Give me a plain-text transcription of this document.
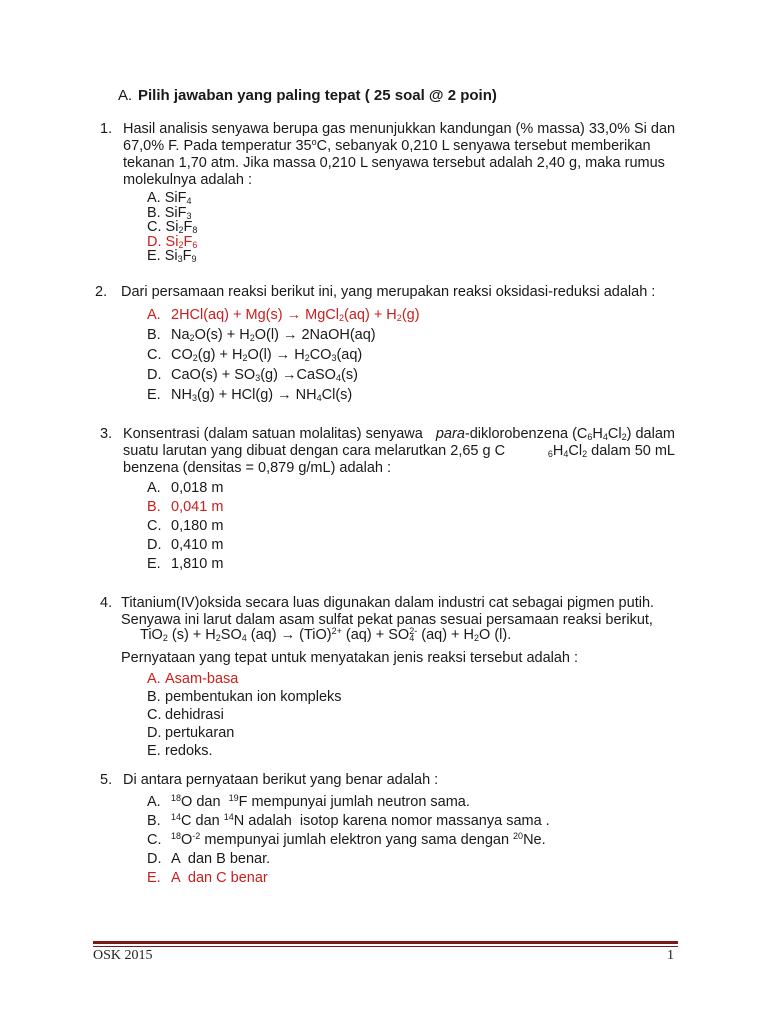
A. Pilih jawaban yang paling tepat ( 25 soal @ 2 poin)
1. Hasil analisis senyawa berupa gas menunjukkan kandungan (% massa) 33,0% Si dan
67,0% F. Pada temperatur 35$^o$C, sebanyak 0,210 L senyawa tersebut memberikan
tekanan 1,70 atm. Jika massa 0,210 L senyawa tersebut adalah 2,40 g, maka rumus
molekulnya adalah :
A. SiF$_4$
B. SiF$_3$
C. $Si_2F_8$
D. $Si_2F_6$
E. $Si_3F_9$
2. Dari persamaan reaksi berikut ini, yang merupakan reaksi oksidasi-reduksi adalah :
A. 2HCl(aq) + Mg(s) → MgCl$_2$(aq) + $H_2(g)$
B. $Na_2O(s) + H_2O(l)$ → 2NaOH(aq)
C. $CO_2(g) + H_2O(l) \to H_2CO_3(aq)$
D. $CaO(s) + SO_3(g)$ →CaSO$_4$(s)
E. $NH_3(g) + HCl(g) \to NH_4Cl(s)$
3. Konsentrasi (dalam satuan molalitas) senyawa para-diklorobenzena $(C_6H_4Cl_2)$ dalam
suatu larutan yang dibuat dengan cara melarutkan 2,65 g C	$_6H_4Cl_2$ dalam 50 mL
benzena (densitas = 0,879 g/mL) adalah :
A. 0,018 m
B. 0,041 m
C. 0,180 m
D. 0,410 m
E. 1,810 m
4. Titanium(IV)oksida secara luas digunakan dalam industri cat sebagai pigmen putih.
Senyawa ini larut dalam asam sulfat pekat panas sesuai persamaan reaksi berikut,
TiO$_2$ $(s) + H_2SO_4$ (aq) → (TiO)$^{2+}$ $(aq) + SO_4^{2-}$ $(aq) + H_2O$ (l).
Pernyataan yang tepat untuk menyatakan jenis reaksi tersebut adalah :
A. Asam-basa
B. pembentukan ion kompleks
C. dehidrasi
D. pertukaran
E. redoks.
5. Di antara pernyataan berikut yang benar adalah :
A. $^{18}$O dan  $^{19}$F mempunyai jumlah neutron sama.
B. $^{14}$C dan $^{14}$N adalah  isotop karena nomor massanya sama .
C. $^{18}O^{-2}$ mempunyai jumlah elektron yang sama dengan $^{20}$Ne.
D. A  dan B benar.
E. A  dan C benar
OSK 2015	1
